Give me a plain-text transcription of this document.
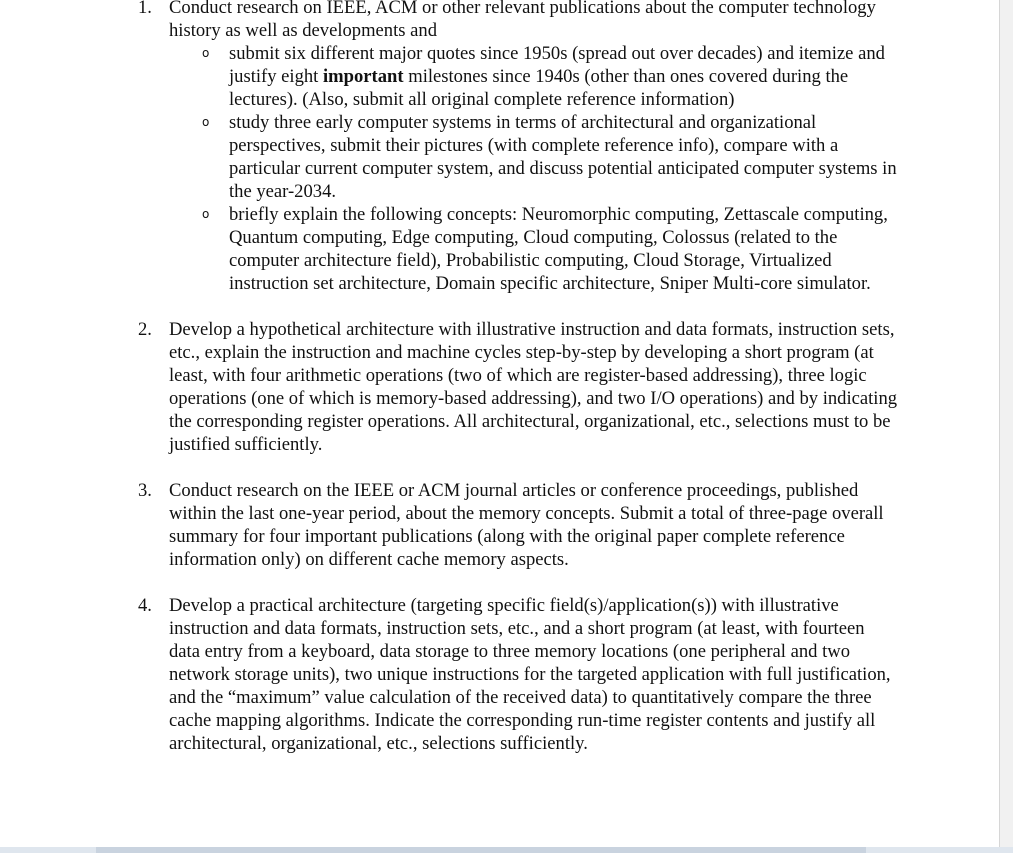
1. Conduct research on IEEE, ACM or other relevant publications about the computer technology history as well as developments and
o submit six different major quotes since 1950s (spread out over decades) and itemize and justify eight important milestones since 1940s (other than ones covered during the lectures). (Also, submit all original complete reference information)
o study three early computer systems in terms of architectural and organizational perspectives, submit their pictures (with complete reference info), compare with a particular current computer system, and discuss potential anticipated computer systems in the year-2034.
o briefly explain the following concepts: Neuromorphic computing, Zettascale computing, Quantum computing, Edge computing, Cloud computing, Colossus (related to the computer architecture field), Probabilistic computing, Cloud Storage, Virtualized instruction set architecture, Domain specific architecture, Sniper Multi-core simulator.
2. Develop a hypothetical architecture with illustrative instruction and data formats, instruction sets, etc., explain the instruction and machine cycles step-by-step by developing a short program (at least, with four arithmetic operations (two of which are register-based addressing), three logic operations (one of which is memory-based addressing), and two I/O operations) and by indicating the corresponding register operations. All architectural, organizational, etc., selections must to be justified sufficiently.
3. Conduct research on the IEEE or ACM journal articles or conference proceedings, published within the last one-year period, about the memory concepts. Submit a total of three-page overall summary for four important publications (along with the original paper complete reference information only) on different cache memory aspects.
4. Develop a practical architecture (targeting specific field(s)/application(s)) with illustrative instruction and data formats, instruction sets, etc., and a short program (at least, with fourteen data entry from a keyboard, data storage to three memory locations (one peripheral and two network storage units), two unique instructions for the targeted application with full justification, and the “maximum” value calculation of the received data) to quantitatively compare the three cache mapping algorithms. Indicate the corresponding run-time register contents and justify all architectural, organizational, etc., selections sufficiently.
